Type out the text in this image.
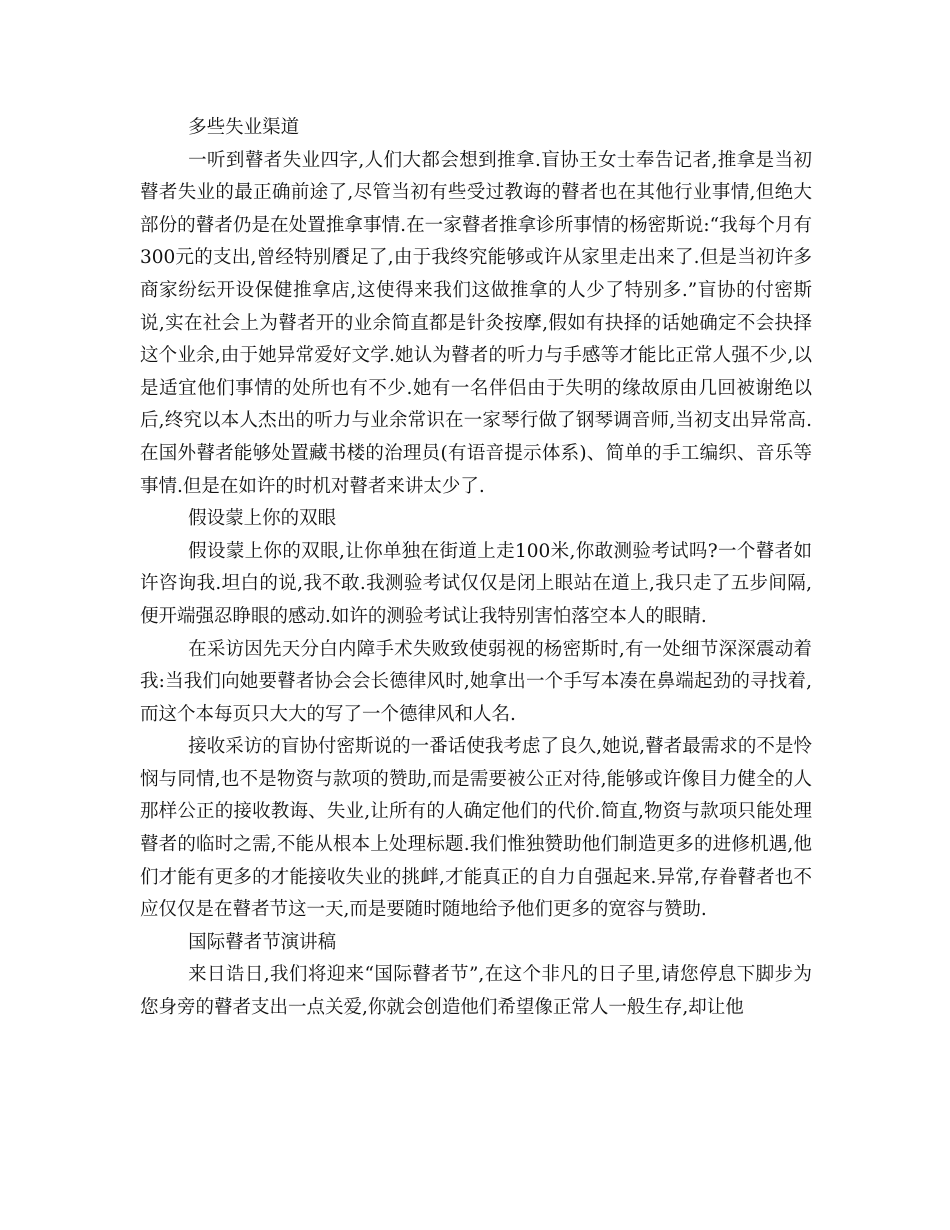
多些失业渠道

一听到瞽者失业四字,人们大都会想到推拿.盲协王女士奉告记者,推拿是当初瞽者失业的最正确前途了,尽管当初有些受过教诲的瞽者也在其他行业事情,但绝大部份的瞽者仍是在处置推拿事情.在一家瞽者推拿诊所事情的杨密斯说:“我每个月有300元的支出,曾经特别餍足了,由于我终究能够或许从家里走出来了.但是当初许多商家纷纭开设保健推拿店,这使得来我们这做推拿的人少了特别多.”盲协的付密斯说,实在社会上为瞽者开的业余简直都是针灸按摩,假如有抉择的话她确定不会抉择这个业余,由于她异常爱好文学.她认为瞽者的听力与手感等才能比正常人强不少,以是适宜他们事情的处所也有不少.她有一名伴侣由于失明的缘故原由几回被谢绝以后,终究以本人杰出的听力与业余常识在一家琴行做了钢琴调音师,当初支出异常高.在国外瞽者能够处置藏书楼的治理员(有语音提示体系)、简单的手工编织、音乐等事情.但是在如许的时机对瞽者来讲太少了.

假设蒙上你的双眼

假设蒙上你的双眼,让你单独在街道上走100米,你敢测验考试吗?一个瞽者如许咨询我.坦白的说,我不敢.我测验考试仅仅是闭上眼站在道上,我只走了五步间隔,便开端强忍睁眼的感动.如许的测验考试让我特别害怕落空本人的眼睛.

在采访因先天分白内障手术失败致使弱视的杨密斯时,有一处细节深深震动着我:当我们向她要瞽者协会会长德律风时,她拿出一个手写本凑在鼻端起劲的寻找着,而这个本每页只大大的写了一个德律风和人名.

接收采访的盲协付密斯说的一番话使我考虑了良久,她说,瞽者最需求的不是怜悯与同情,也不是物资与款项的赞助,而是需要被公正对待,能够或许像目力健全的人那样公正的接收教诲、失业,让所有的人确定他们的代价.简直,物资与款项只能处理瞽者的临时之需,不能从根本上处理标题.我们惟独赞助他们制造更多的进修机遇,他们才能有更多的才能接收失业的挑衅,才能真正的自力自强起来.异常,存眷瞽者也不应仅仅是在瞽者节这一天,而是要随时随地给予他们更多的宽容与赞助.

国际瞽者节演讲稿

来日诰日,我们将迎来“国际瞽者节”,在这个非凡的日子里,请您停息下脚步为您身旁的瞽者支出一点关爱,你就会创造他们希望像正常人一般生存,却让他
